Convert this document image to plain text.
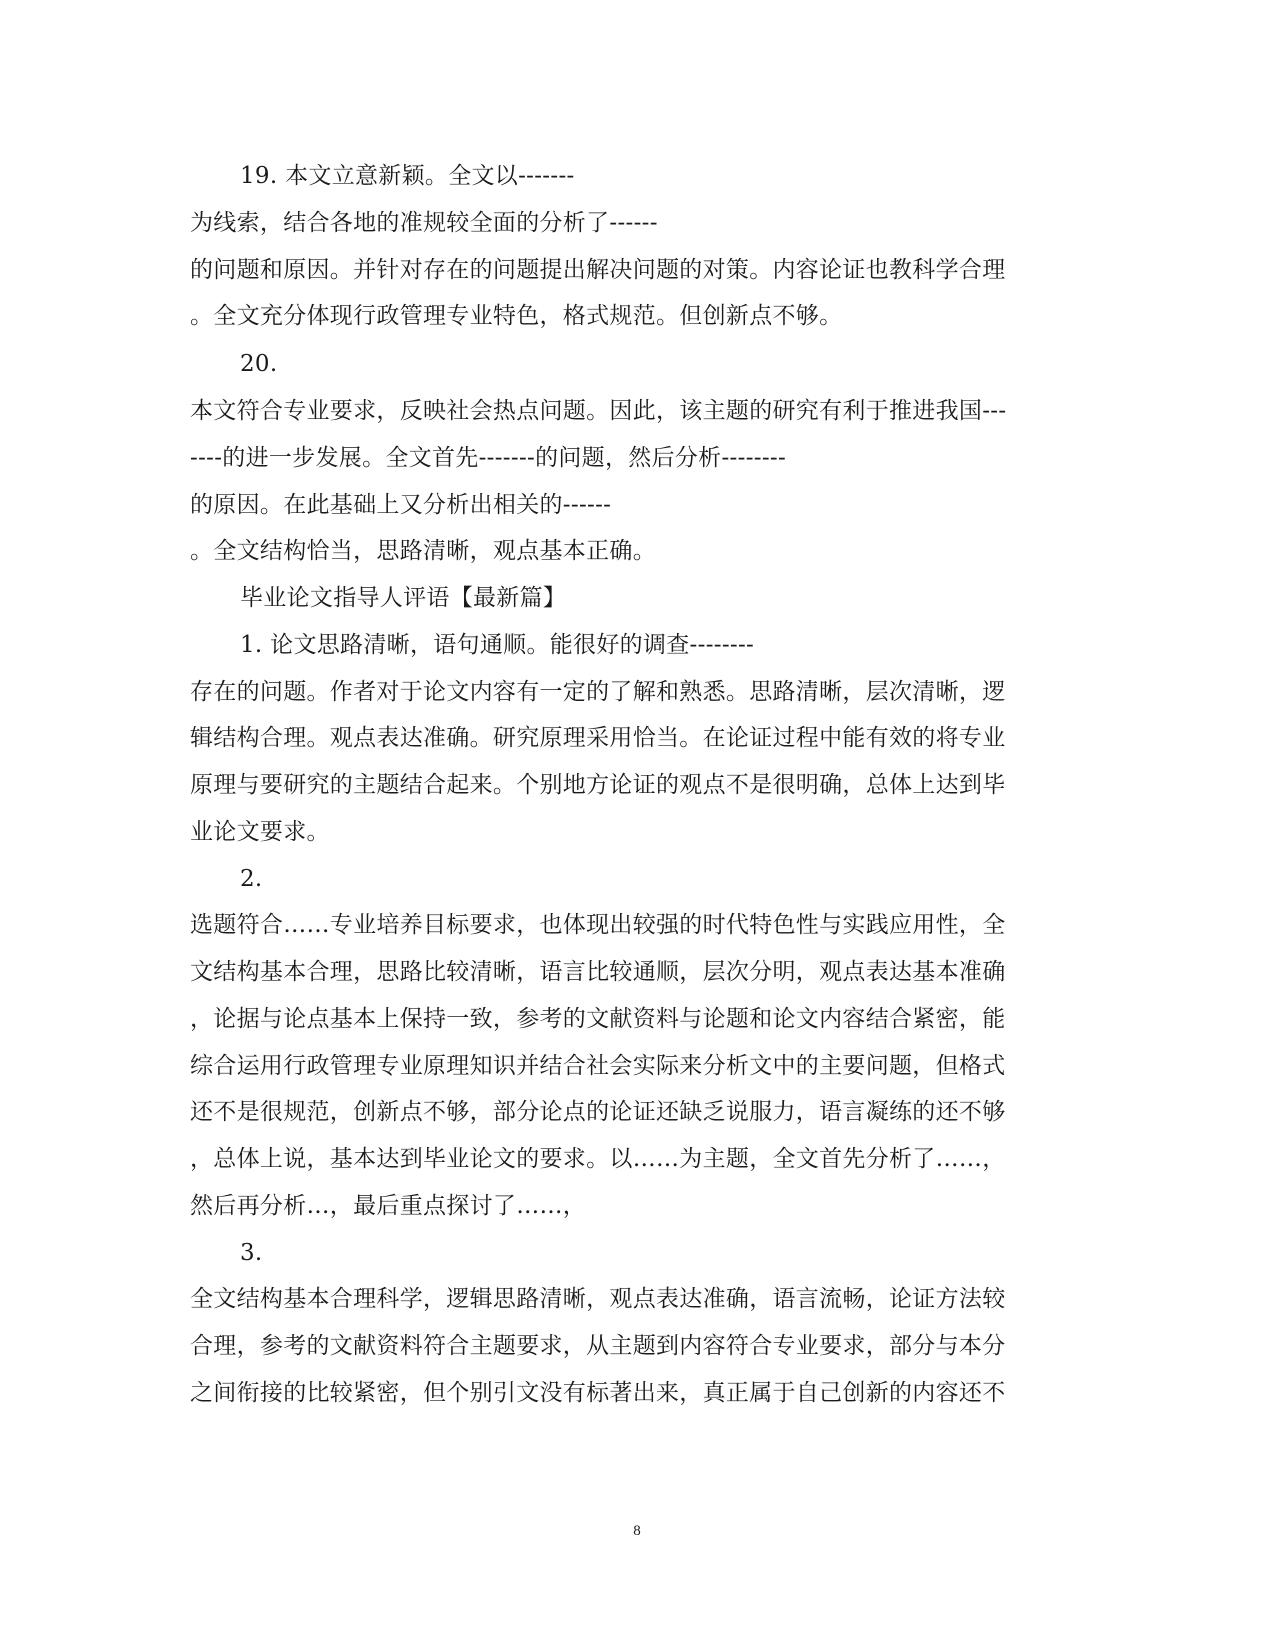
19. 本文立意新颖。全文以-------
为线索，结合各地的准规较全面的分析了------
的问题和原因。并针对存在的问题提出解决问题的对策。内容论证也教科学合理
。全文充分体现行政管理专业特色，格式规范。但创新点不够。
20.
本文符合专业要求，反映社会热点问题。因此，该主题的研究有利于推进我国---
----的进一步发展。全文首先-------的问题，然后分析--------
的原因。在此基础上又分析出相关的------
。全文结构恰当，思路清晰，观点基本正确。
毕业论文指导人评语【最新篇】
1. 论文思路清晰，语句通顺。能很好的调查--------
存在的问题。作者对于论文内容有一定的了解和熟悉。思路清晰，层次清晰，逻
辑结构合理。观点表达准确。研究原理采用恰当。在论证过程中能有效的将专业
原理与要研究的主题结合起来。个别地方论证的观点不是很明确，总体上达到毕
业论文要求。
2.
选题符合……专业培养目标要求，也体现出较强的时代特色性与实践应用性，全
文结构基本合理，思路比较清晰，语言比较通顺，层次分明，观点表达基本准确
，论据与论点基本上保持一致，参考的文献资料与论题和论文内容结合紧密，能
综合运用行政管理专业原理知识并结合社会实际来分析文中的主要问题，但格式
还不是很规范，创新点不够，部分论点的论证还缺乏说服力，语言凝练的还不够
，总体上说，基本达到毕业论文的要求。以……为主题，全文首先分析了……，
然后再分析…，最后重点探讨了……，
3.
全文结构基本合理科学，逻辑思路清晰，观点表达准确，语言流畅，论证方法较
合理，参考的文献资料符合主题要求，从主题到内容符合专业要求，部分与本分
之间衔接的比较紧密，但个别引文没有标著出来，真正属于自己创新的内容还不
8
